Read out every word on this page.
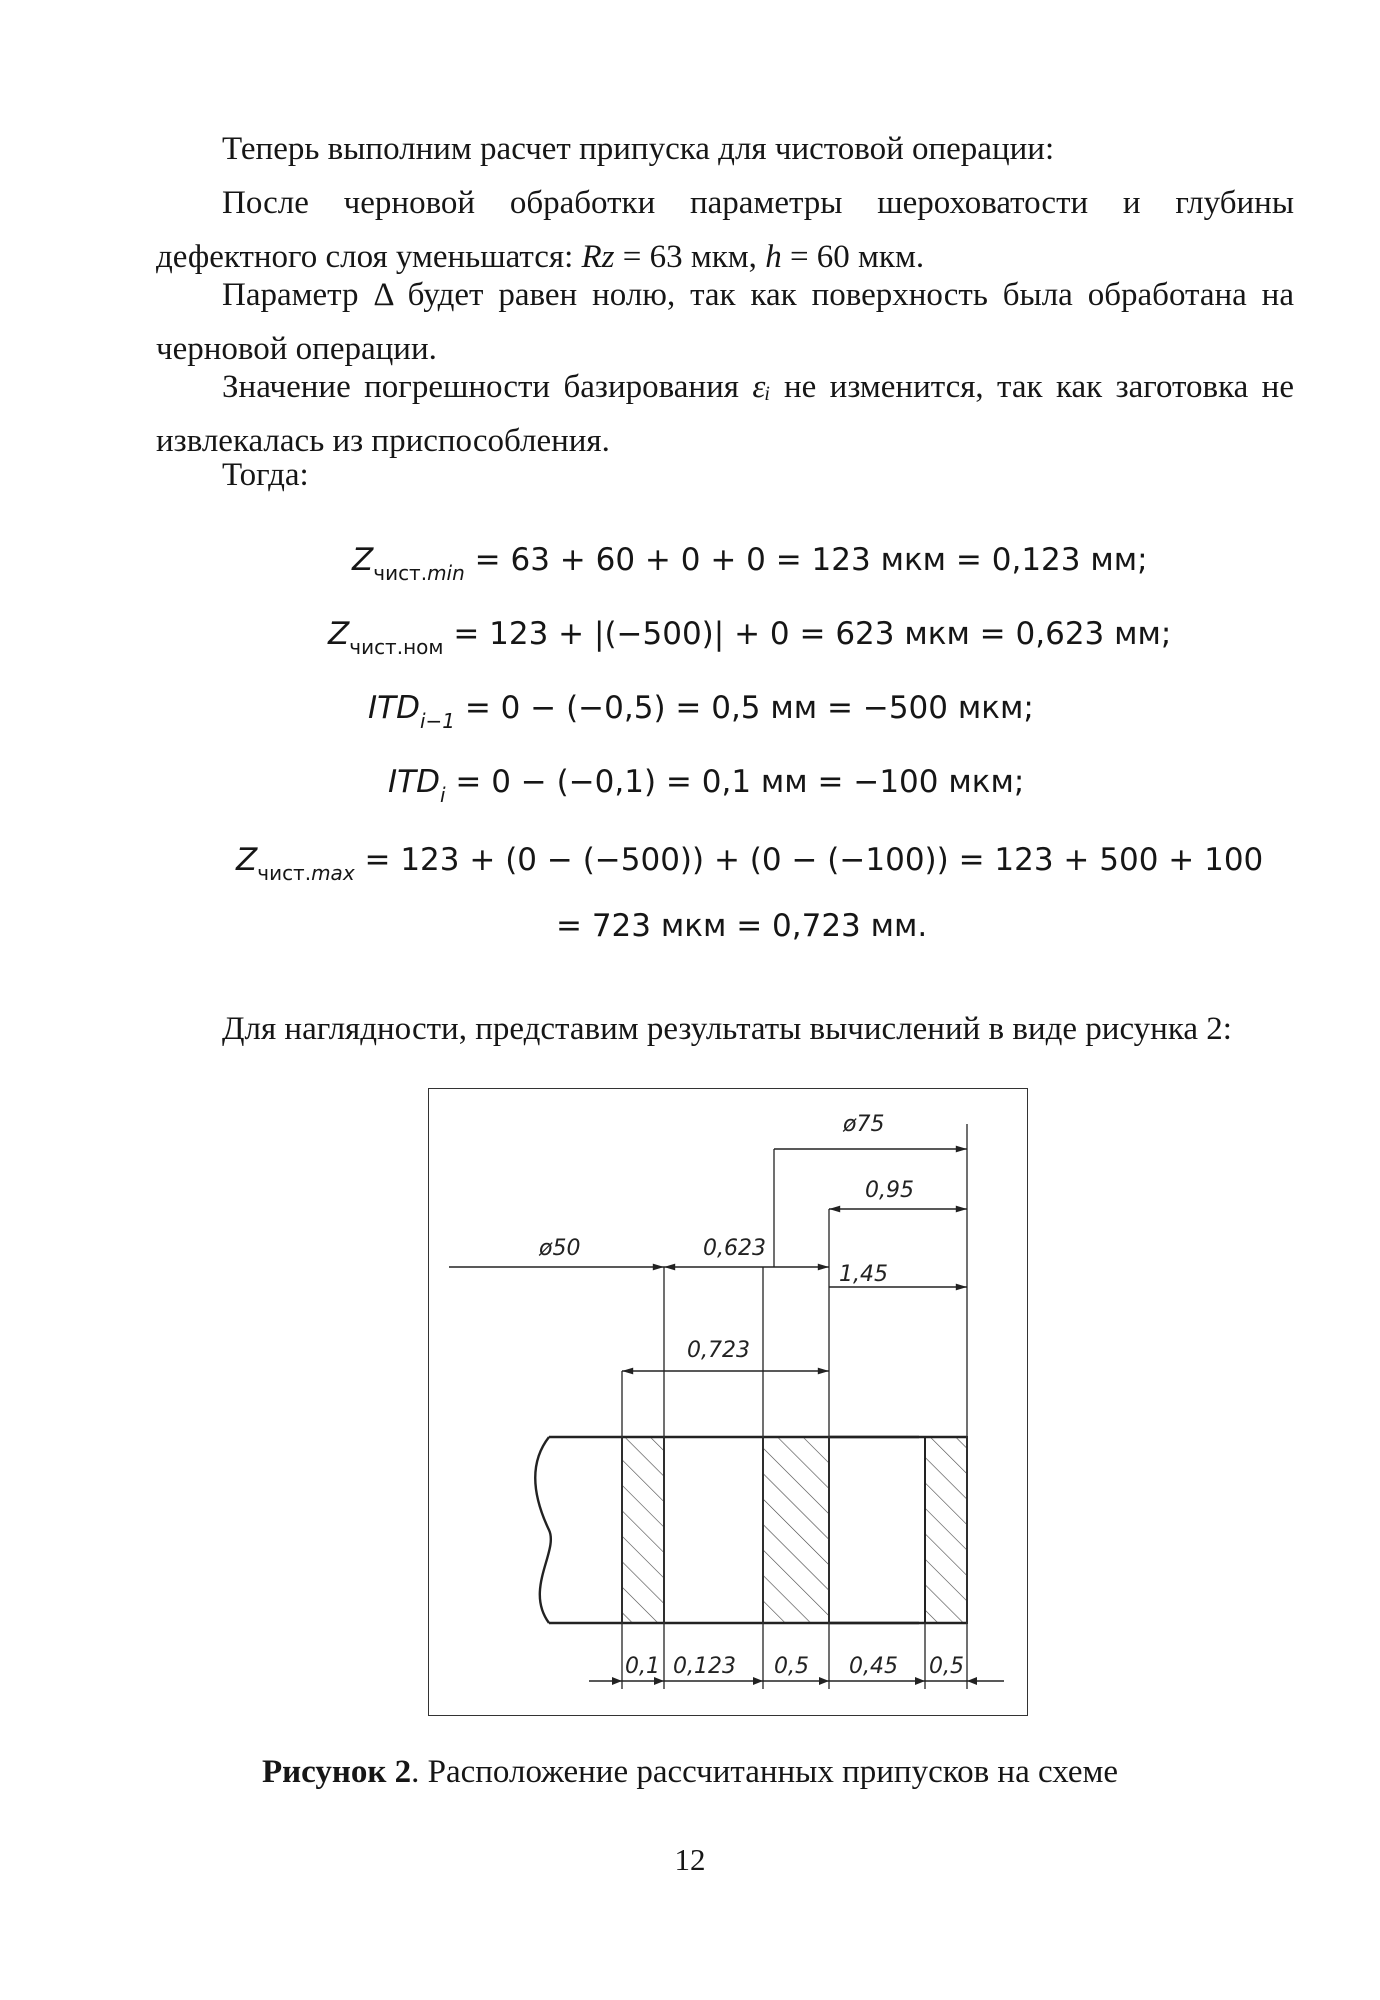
Теперь выполним расчет припуска для чистовой операции:

После черновой обработки параметры шероховатости и глубины дефектного слоя уменьшатся: Rz = 63 мкм, h = 60 мкм.

Параметр Δ будет равен нолю, так как поверхность была обработана на черновой операции.

Значение погрешности базирования εᵢ не изменится, так как заготовка не извлекалась из приспособления.

Тогда:

$Z_{чист.min} = 63 + 60 + 0 + 0 = 123$ мкм = 0,123 мм;

$Z_{чист.ном} = 123 + |(-500)| + 0 = 623$ мкм = 0,623 мм;

$ITD_{i-1} = 0 - (-0,5) = 0,5$ мм = −500 мкм;

$ITD_i = 0 - (-0,1) = 0,1$ мм = −100 мкм;

$Z_{чист.max} = 123 + (0 - (-500)) + (0 - (-100)) = 123 + 500 + 100$

= 723 мкм = 0,723 мм.

Для наглядности, представим результаты вычислений в виде рисунка 2:

ø75
0,95
ø50	0,623
1,45
0,723
0,1 0,123 0,5 0,45 0,5

Рисунок 2. Расположение рассчитанных припусков на схеме

12
